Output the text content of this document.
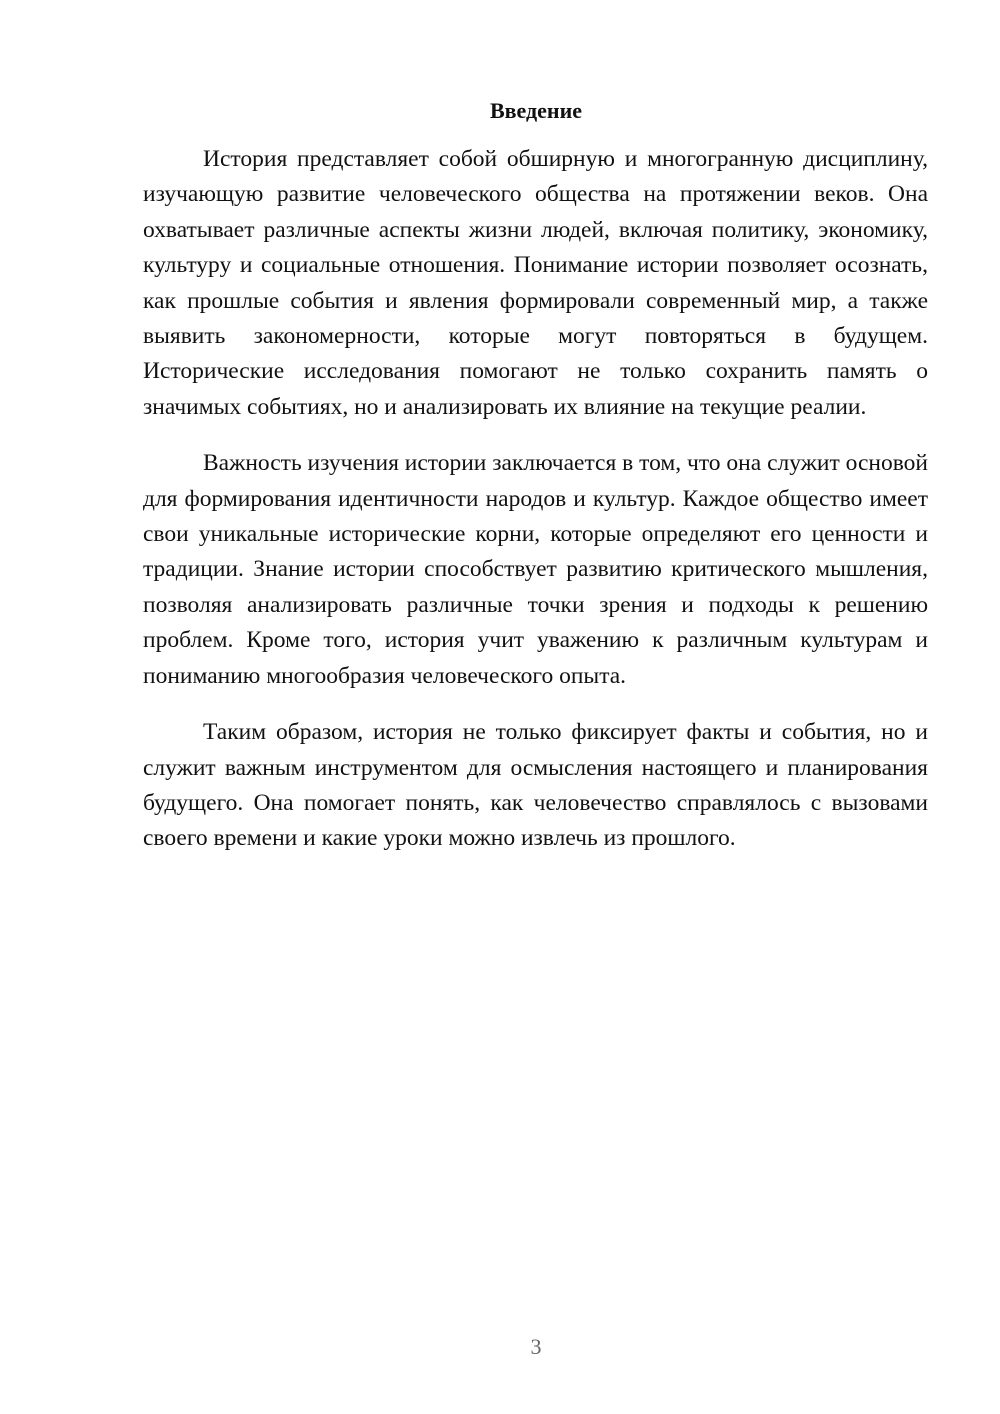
Введение

История представляет собой обширную и многогранную дисциплину, изучающую развитие человеческого общества на протяжении веков. Она охватывает различные аспекты жизни людей, включая политику, экономику, культуру и социальные отношения. Понимание истории позволяет осознать, как прошлые события и явления формировали современный мир, а также выявить закономерности, которые могут повторяться в будущем. Исторические исследования помогают не только сохранить память о значимых событиях, но и анализировать их влияние на текущие реалии.

Важность изучения истории заключается в том, что она служит основой для формирования идентичности народов и культур. Каждое общество имеет свои уникальные исторические корни, которые определяют его ценности и традиции. Знание истории способствует развитию критического мышления, позволяя анализировать различные точки зрения и подходы к решению проблем. Кроме того, история учит уважению к различным культурам и пониманию многообразия человеческого опыта.

Таким образом, история не только фиксирует факты и события, но и служит важным инструментом для осмысления настоящего и планирования будущего. Она помогает понять, как человечество справлялось с вызовами своего времени и какие уроки можно извлечь из прошлого.

3
